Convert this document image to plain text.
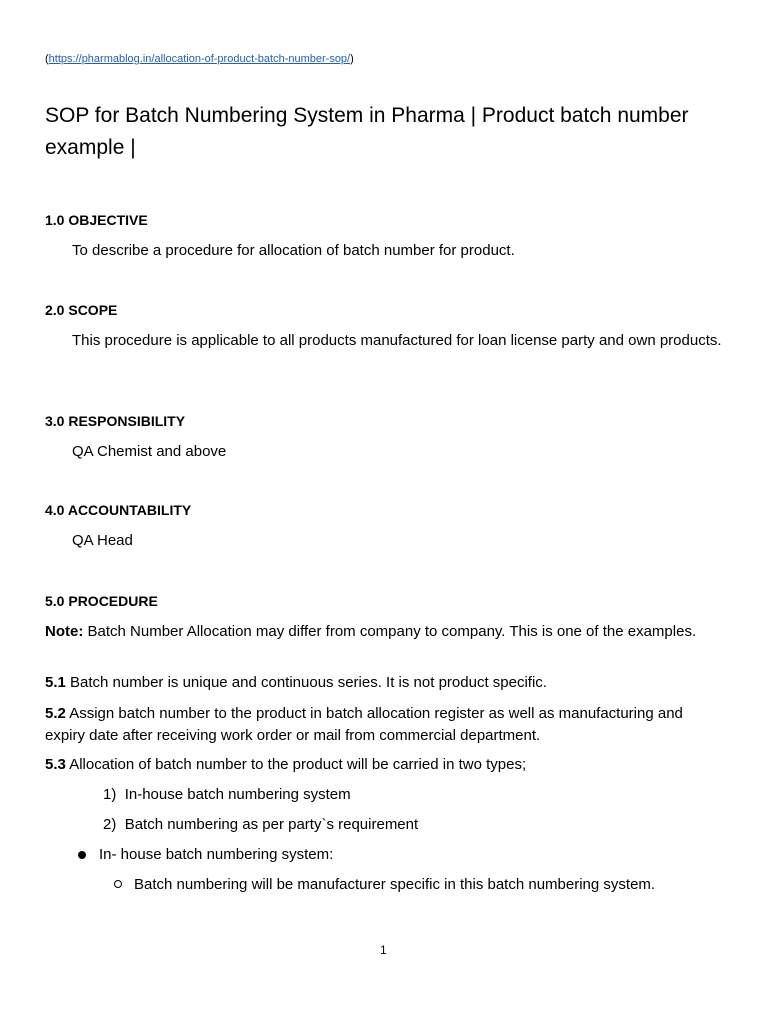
(https://pharmablog.in/allocation-of-product-batch-number-sop/)
SOP for Batch Numbering System in Pharma | Product batch number example |
1.0 OBJECTIVE
To describe a procedure for allocation of batch number for product.
2.0 SCOPE
This procedure is applicable to all products manufactured for loan license party and own products.
3.0 RESPONSIBILITY
QA Chemist and above
4.0 ACCOUNTABILITY
QA Head
5.0 PROCEDURE
Note: Batch Number Allocation may differ from company to company. This is one of the examples.
5.1 Batch number is unique and continuous series. It is not product specific.
5.2 Assign batch number to the product in batch allocation register as well as manufacturing and expiry date after receiving work order or mail from commercial department.
5.3 Allocation of batch number to the product will be carried in two types;
1) In-house batch numbering system
2) Batch numbering as per party`s requirement
In- house batch numbering system:
Batch numbering will be manufacturer specific in this batch numbering system.
1
